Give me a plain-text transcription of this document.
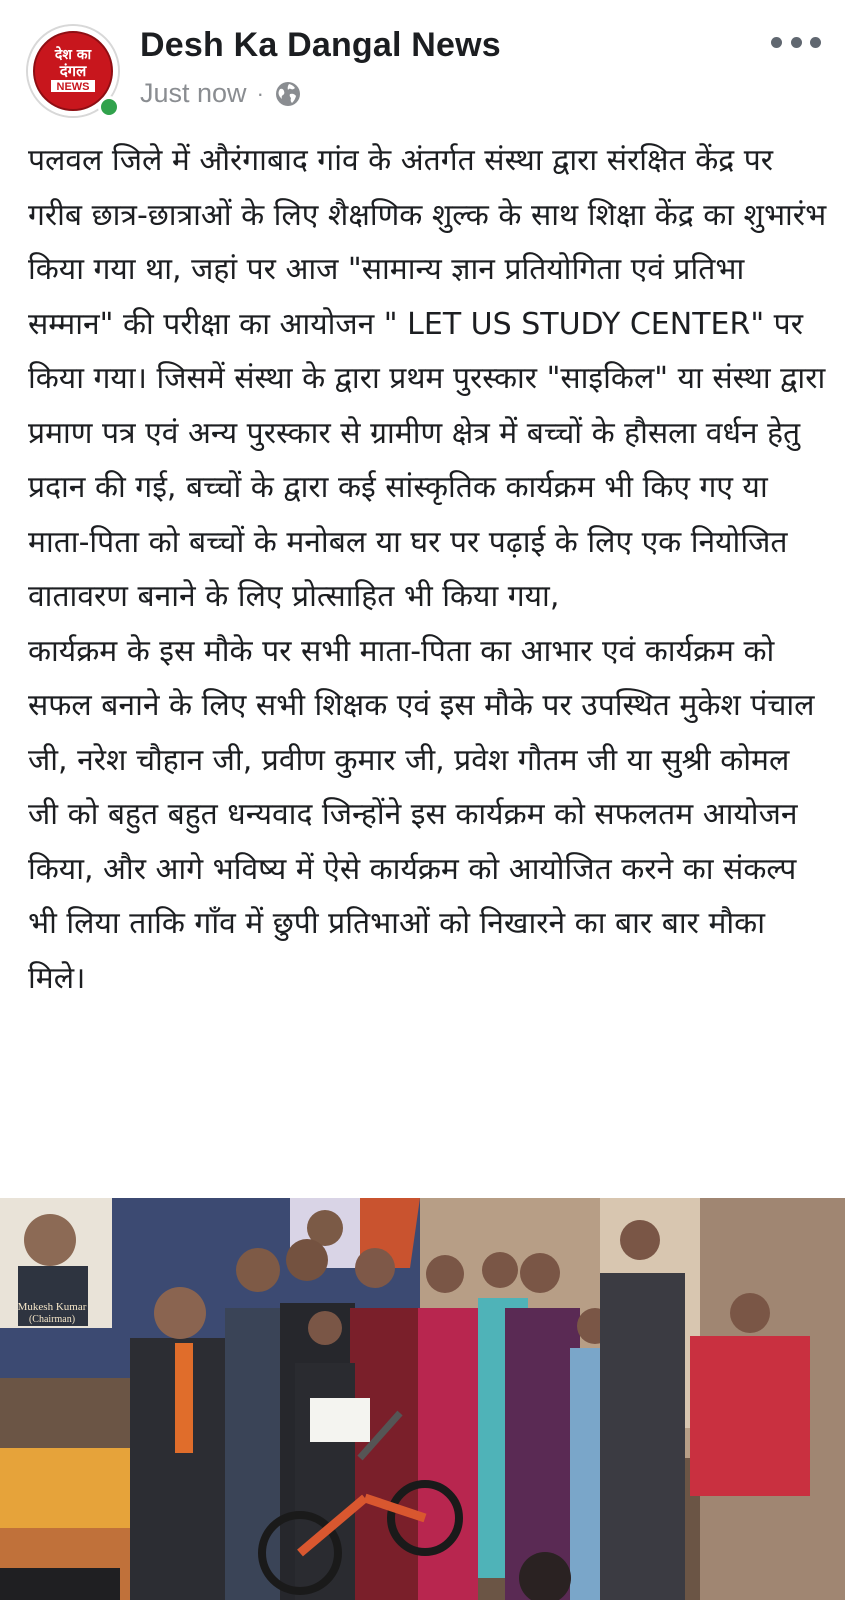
देश का
दंगल
NEWS
Desh Ka Dangal News
Just now ·
पलवल जिले में औरंगाबाद गांव के अंतर्गत संस्था द्वारा संरक्षित केंद्र पर गरीब छात्र-छात्राओं के लिए शैक्षणिक शुल्क के साथ शिक्षा केंद्र का शुभारंभ किया गया था, जहां पर आज "सामान्य ज्ञान प्रतियोगिता एवं प्रतिभा सम्मान" की परीक्षा का आयोजन " LET US STUDY CENTER" पर किया गया। जिसमें संस्था के द्वारा प्रथम पुरस्कार "साइकिल" या संस्था द्वारा प्रमाण पत्र एवं अन्य पुरस्कार से ग्रामीण क्षेत्र में बच्चों के हौसला वर्धन हेतु प्रदान की गई, बच्चों के द्वारा कई सांस्कृतिक कार्यक्रम भी किए गए या माता-पिता को बच्चों के मनोबल या घर पर पढ़ाई के लिए एक नियोजित वातावरण बनाने के लिए प्रोत्साहित भी किया गया,
कार्यक्रम के इस मौके पर सभी माता-पिता का आभार एवं कार्यक्रम को सफल बनाने के लिए सभी शिक्षक एवं इस मौके पर उपस्थित मुकेश पंचाल जी, नरेश चौहान जी, प्रवीण कुमार जी, प्रवेश गौतम जी या सुश्री कोमल जी को बहुत बहुत धन्यवाद जिन्होंने इस कार्यक्रम को सफलतम आयोजन किया, और आगे भविष्य में ऐसे कार्यक्रम को आयोजित करने का संकल्प भी लिया ताकि गाँव में छुपी प्रतिभाओं को निखारने का बार बार मौका मिले।
Mukesh Kumar
(Chairman)
